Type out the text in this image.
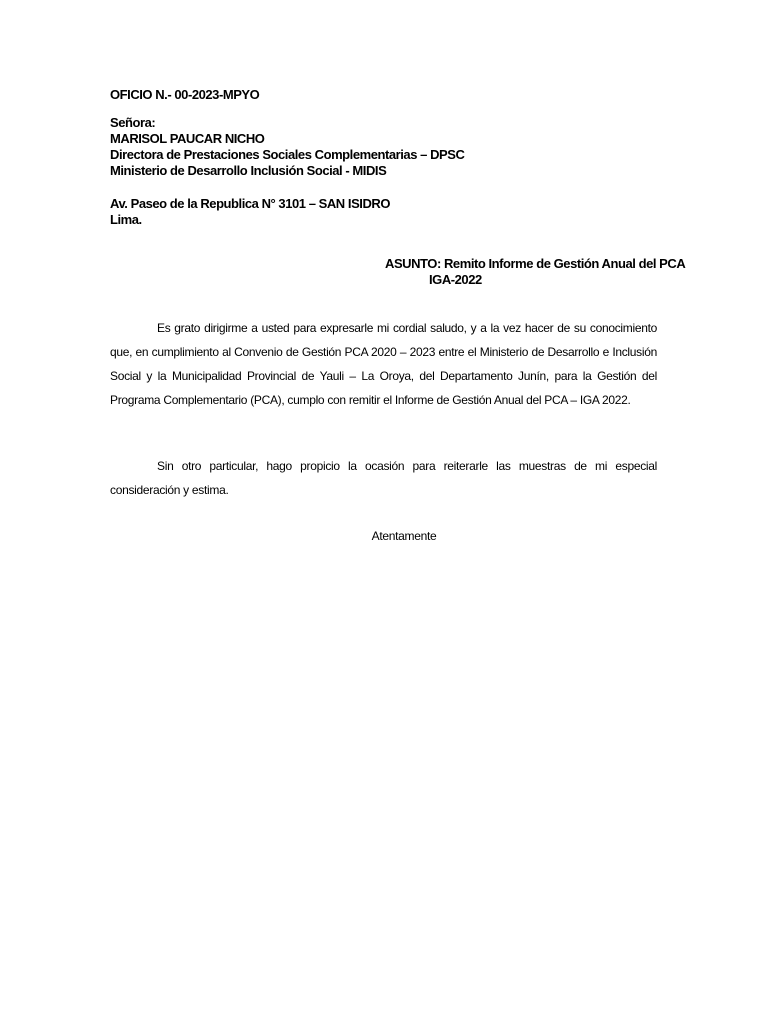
OFICIO N.- 00-2023-MPYO
Señora:
MARISOL PAUCAR NICHO
Directora de Prestaciones Sociales Complementarias – DPSC
Ministerio de Desarrollo Inclusión Social - MIDIS
Av. Paseo de la Republica N° 3101 – SAN ISIDRO
Lima.
ASUNTO: Remito Informe de Gestión Anual del PCA
IGA-2022

Es grato dirigirme a usted para expresarle mi cordial saludo, y a la vez hacer de su conocimiento que, en cumplimiento al Convenio de Gestión PCA 2020 – 2023 entre el Ministerio de Desarrollo e Inclusión Social y la Municipalidad Provincial de Yauli – La Oroya, del Departamento Junín, para la Gestión del Programa Complementario (PCA), cumplo con remitir el Informe de Gestión Anual del PCA – IGA 2022.

Sin otro particular, hago propicio la ocasión para reiterarle las muestras de mi especial consideración y estima.

Atentamente
